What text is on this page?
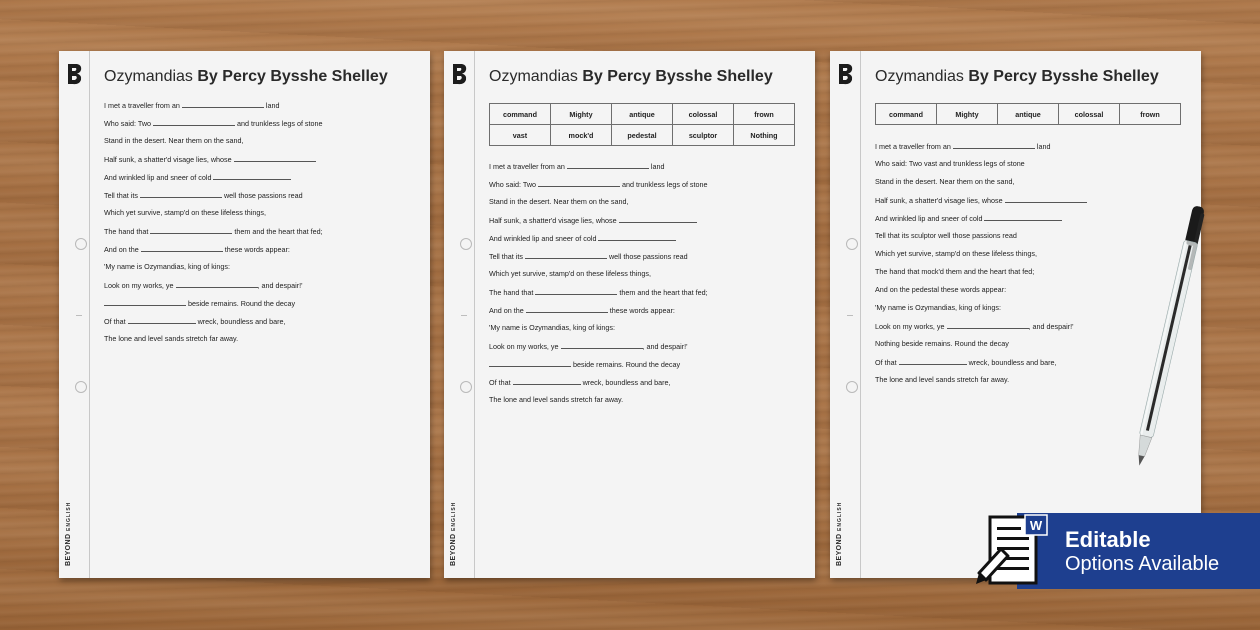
BEYOND ENGLISH
Ozymandias By Percy Bysshe Shelley
I met a traveller from an	land
Who said: Two	and trunkless legs of stone
Stand in the desert. Near them on the sand,
Half sunk, a shatter'd visage lies, whose
And wrinkled lip and sneer of cold
Tell that its	well those passions read
Which yet survive, stamp'd on these lifeless things,
The hand that	them and the heart that fed;
And on the	these words appear:
'My name is Ozymandias, king of kings:
Look on my works, ye	, and despair!'
beside remains. Round the decay
Of that	wreck, boundless and bare,
The lone and level sands stretch far away.
BEYOND ENGLISH
Ozymandias By Percy Bysshe Shelley
command	Mighty	antique	colossal	frown
vast	mock'd	pedestal	sculptor	Nothing
I met a traveller from an	land
Who said: Two	and trunkless legs of stone
Stand in the desert. Near them on the sand,
Half sunk, a shatter'd visage lies, whose
And wrinkled lip and sneer of cold
Tell that its	well those passions read
Which yet survive, stamp'd on these lifeless things,
The hand that	them and the heart that fed;
And on the	these words appear:
'My name is Ozymandias, king of kings:
Look on my works, ye	, and despair!'
beside remains. Round the decay
Of that	wreck, boundless and bare,
The lone and level sands stretch far away.
BEYOND ENGLISH
Ozymandias By Percy Bysshe Shelley
command	Mighty	antique	colossal	frown
I met a traveller from an	land
Who said: Two vast and trunkless legs of stone
Stand in the desert. Near them on the sand,
Half sunk, a shatter'd visage lies, whose
And wrinkled lip and sneer of cold
Tell that its sculptor well those passions read
Which yet survive, stamp'd on these lifeless things,
The hand that mock'd them and the heart that fed;
And on the pedestal these words appear:
'My name is Ozymandias, king of kings:
Look on my works, ye	, and despair!'
Nothing beside remains. Round the decay
Of that	wreck, boundless and bare,
The lone and level sands stretch far away.
Editable
Options Available
W
